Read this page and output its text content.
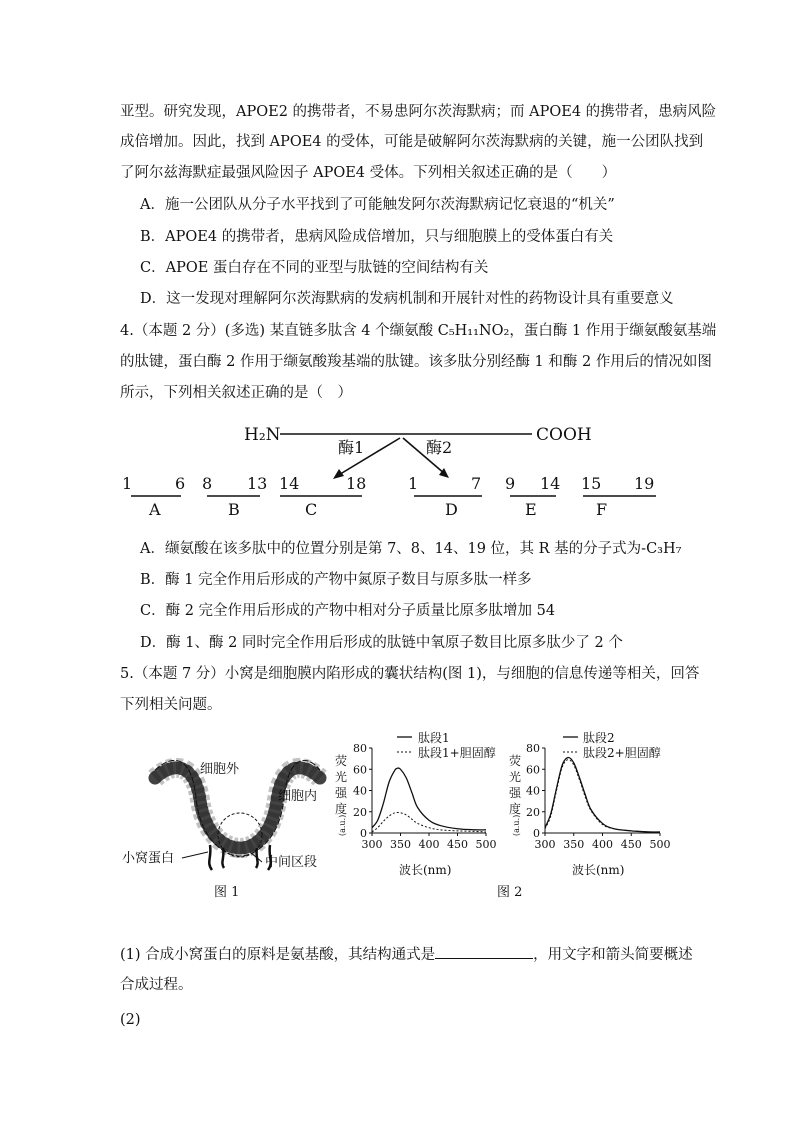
亚型。研究发现，APOE2 的携带者，不易患阿尔茨海默病；而 APOE4 的携带者，患病风险
成倍增加。因此，找到 APOE4 的受体，可能是破解阿尔茨海默病的关键，施一公团队找到
了阿尔兹海默症最强风险因子 APOE4 受体。下列相关叙述正确的是（　　）
A．施一公团队从分子水平找到了可能触发阿尔茨海默病记忆衰退的“机关”
B．APOE4 的携带者，患病风险成倍增加，只与细胞膜上的受体蛋白有关
C．APOE 蛋白存在不同的亚型与肽链的空间结构有关
D．这一发现对理解阿尔茨海默病的发病机制和开展针对性的药物设计具有重要意义
4.（本题 2 分）(多选) 某直链多肽含 4 个缬氨酸 C₅H₁₁NO₂，蛋白酶 1 作用于缬氨酸氨基端
的肽键，蛋白酶 2 作用于缬氨酸羧基端的肽键。该多肽分别经酶 1 和酶 2 作用后的情况如图
所示，下列相关叙述正确的是（　）
H₂N	COOH
酶1	酶2
1	6
A
8 13
B
14	18
C
1	7
D
9 14
E
15 19
F
A．缬氨酸在该多肽中的位置分别是第 7、8、14、19 位，其 R 基的分子式为-C₃H₇
B．酶 1 完全作用后形成的产物中氮原子数目与原多肽一样多
C．酶 2 完全作用后形成的产物中相对分子质量比原多肽增加 54
D．酶 1、酶 2 同时完全作用后形成的肽链中氧原子数目比原多肽少了 2 个
5.（本题 7 分）小窝是细胞膜内陷形成的囊状结构(图 1)，与细胞的信息传递等相关，回答
下列相关问题。
细胞外
细胞内
小窝蛋白	中间区段
图 1	图 2
荧
光
强
度
(a.u.)
波长(nm)
肽段1
肽段1+胆固醇
300 350 400 450 500
0
20
40
60
80
荧
光
强
度
(a.u.)
波长(nm)
肽段2
肽段2+胆固醇
300 350 400 450 500
0
20
40
60
80
(1) 合成小窝蛋白的原料是氨基酸，其结构通式是	，用文字和箭头简要概述
合成过程。
(2)
